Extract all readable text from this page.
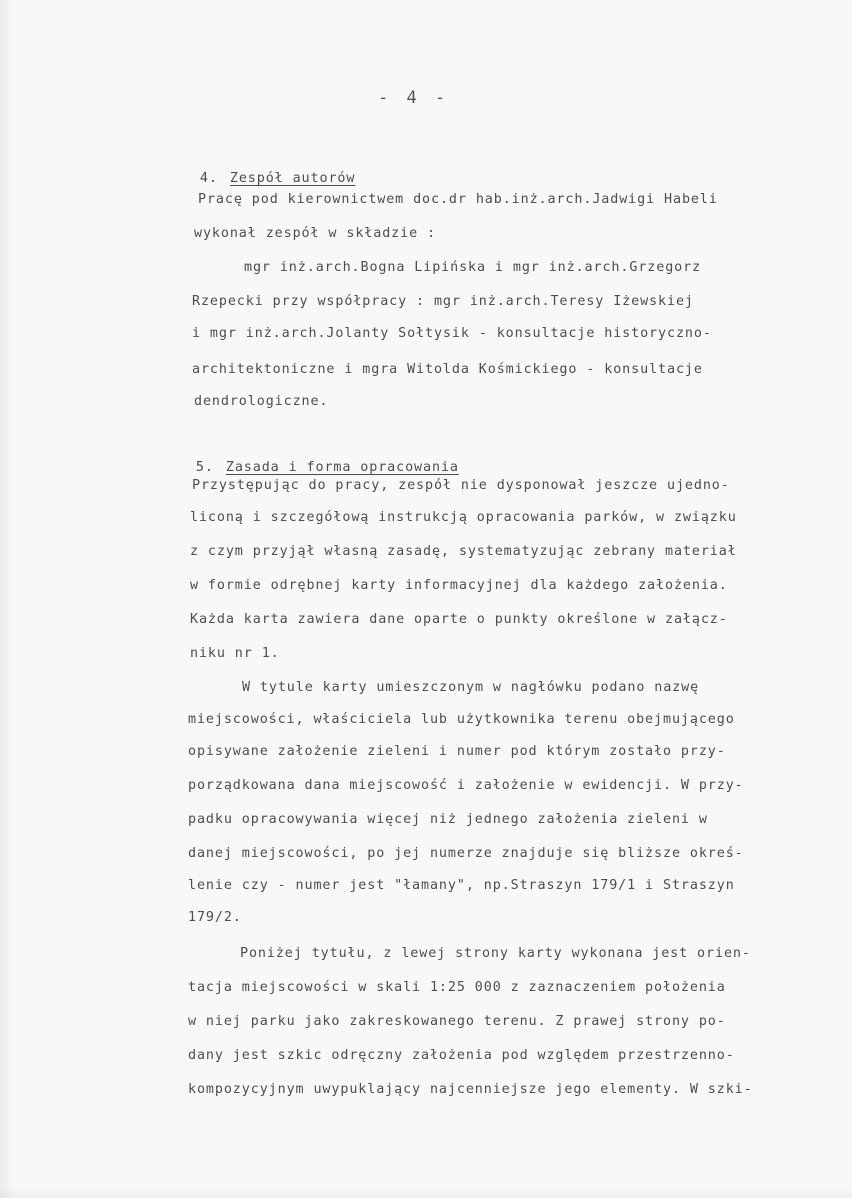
- 4 -

4. Zespół autorów

Pracę pod kierownictwem doc.dr hab.inż.arch.Jadwigi Habeli
wykonał zespół w składzie :
mgr inż.arch.Bogna Lipińska i mgr inż.arch.Grzegorz
Rzepecki przy współpracy : mgr inż.arch.Teresy Iżewskiej
i mgr inż.arch.Jolanty Sołtysik - konsultacje historyczno-
architektoniczne i mgra Witolda Kośmickiego - konsultacje
dendrologiczne.

5. Zasada i forma opracowania

Przystępując do pracy, zespół nie dysponował jeszcze ujedno-
liconą i szczegółową instrukcją opracowania parków, w związku
z czym przyjął własną zasadę, systematyzując zebrany materiał
w formie odrębnej karty informacyjnej dla każdego założenia.
Każda karta zawiera dane oparte o punkty określone w załącz-
niku nr 1.
W tytule karty umieszczonym w nagłówku podano nazwę
miejscowości, właściciela lub użytkownika terenu obejmującego
opisywane założenie zieleni i numer pod którym zostało przy-
porządkowana dana miejscowość i założenie w ewidencji. W przy-
padku opracowywania więcej niż jednego założenia zieleni w
danej miejscowości, po jej numerze znajduje się bliższe okreś-
lenie czy - numer jest "łamany", np.Straszyn 179/1 i Straszyn
179/2.
Poniżej tytułu, z lewej strony karty wykonana jest orien-
tacja miejscowości w skali 1:25 000 z zaznaczeniem położenia
w niej parku jako zakreskowanego terenu. Z prawej strony po-
dany jest szkic odręczny założenia pod względem przestrzenno-
kompozycyjnym uwypuklający najcenniejsze jego elementy. W szki-
